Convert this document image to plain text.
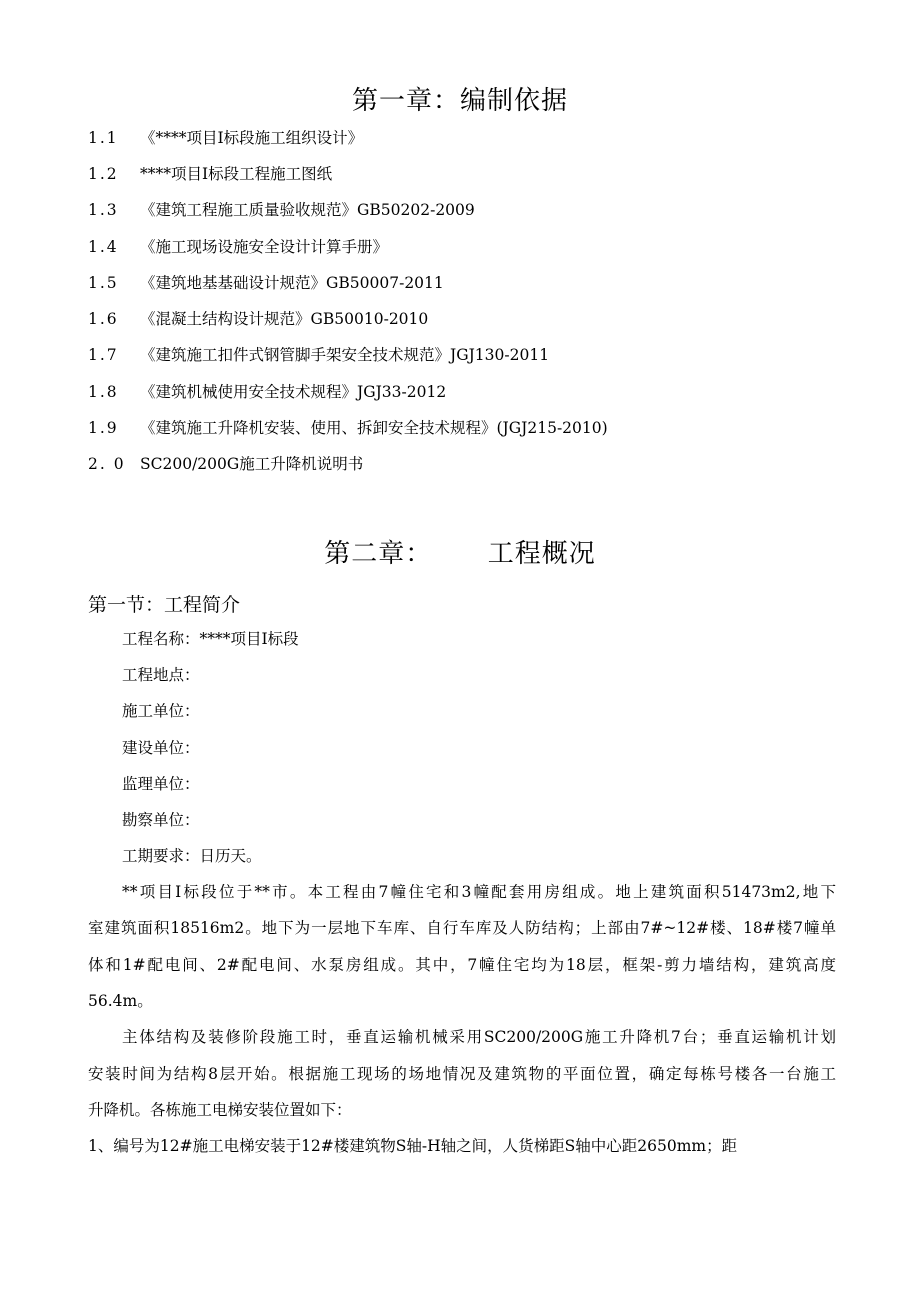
第一章：编制依据
1.1 《****项目Ⅰ标段施工组织设计》
1.2****项目Ⅰ标段工程施工图纸
1.3 《建筑工程施工质量验收规范》GB50202-2009
1.4 《施工现场设施安全设计计算手册》
1.5 《建筑地基基础设计规范》GB50007-2011
1.6 《混凝土结构设计规范》GB50010-2010
1.7 《建筑施工扣件式钢管脚手架安全技术规范》JGJ130-2011
1.8 《建筑机械使用安全技术规程》JGJ33-2012
1.9 《建筑施工升降机安装、使用、拆卸安全技术规程》(JGJ215-2010)
2. 0 SC200/200G施工升降机说明书
第二章：      工程概况
第一节：工程简介
工程名称：****项目Ⅰ标段
工程地点：
施工单位：
建设单位：
监理单位：
勘察单位：
工期要求：日历天。
**项目Ⅰ标段位于**市。本工程由7幢住宅和3幢配套用房组成。地上建筑面积51473m2,地下
室建筑面积18516m2。地下为一层地下车库、自行车库及人防结构；上部由7#~12#楼、18#楼7幢单
体和1#配电间、2#配电间、水泵房组成。其中，7幢住宅均为18层，框架-剪力墙结构，建筑高度
56.4m。
主体结构及装修阶段施工时，垂直运输机械采用SC200/200G施工升降机7台；垂直运输机计划
安装时间为结构8层开始。根据施工现场的场地情况及建筑物的平面位置，确定每栋号楼各一台施工
升降机。各栋施工电梯安装位置如下：
1、编号为12#施工电梯安装于12#楼建筑物S轴-H轴之间，人货梯距S轴中心距2650mm；距
